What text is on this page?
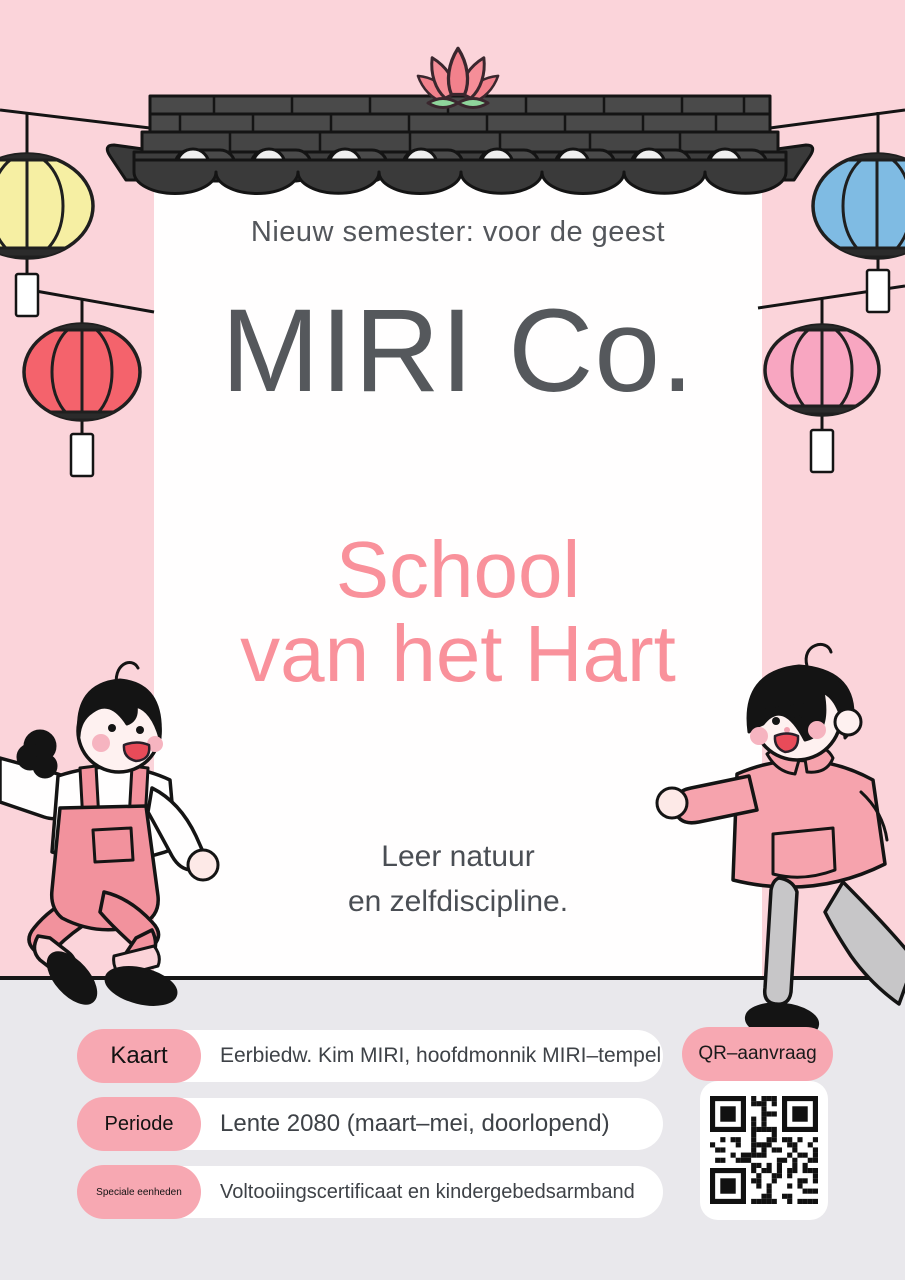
Nieuw semester: voor de geest
MIRI Co.
School
van het Hart
Leer natuur
en zelfdiscipline.
Kaart	Eerbiedw. Kim MIRI, hoofdmonnik MIRI–tempel
Periode	Lente 2080 (maart–mei, doorlopend)
Speciale eenheden	Voltooiingscertificaat en kindergebedsarmband
QR–aanvraag
